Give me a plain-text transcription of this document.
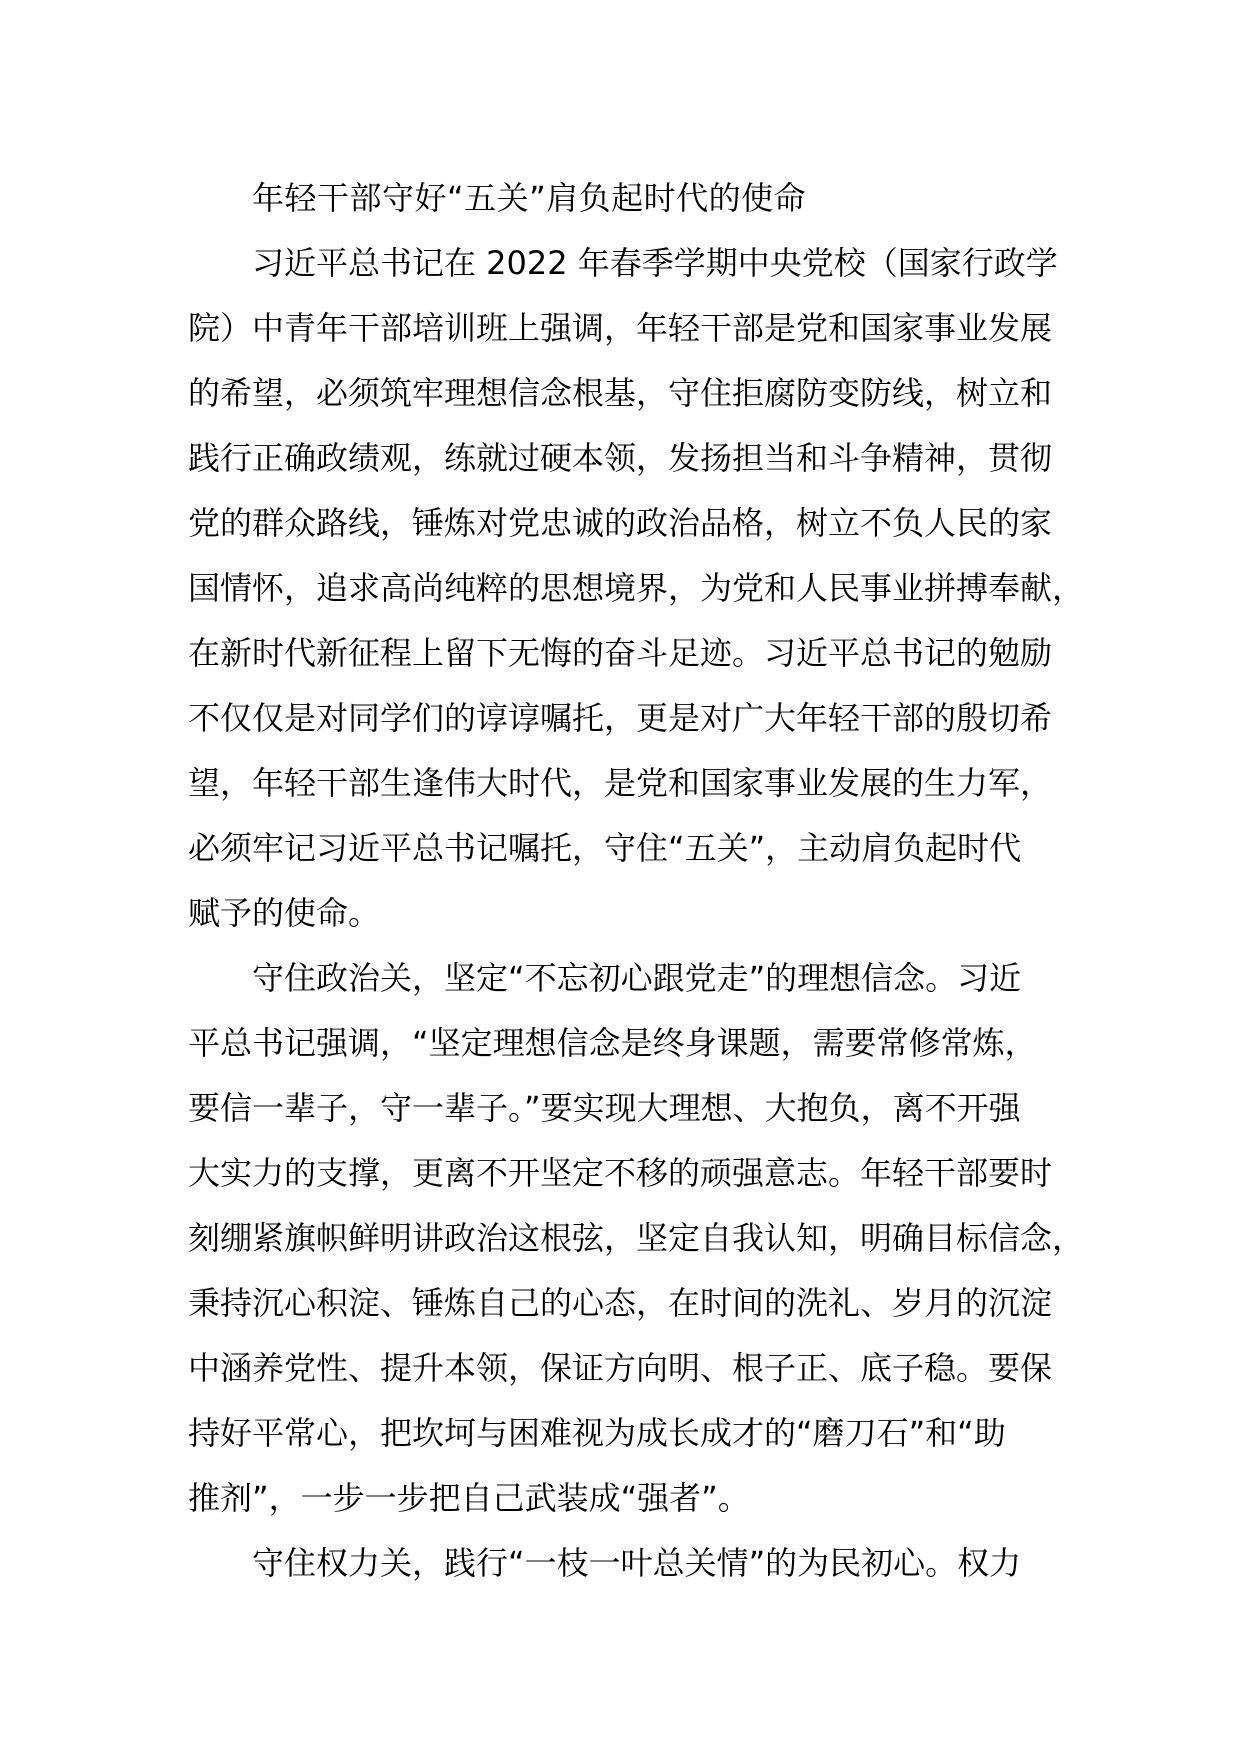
年轻干部守好“五关”肩负起时代的使命
习近平总书记在 2022 年春季学期中央党校（国家行政学
院）中青年干部培训班上强调，年轻干部是党和国家事业发展
的希望，必须筑牢理想信念根基，守住拒腐防变防线，树立和
践行正确政绩观，练就过硬本领，发扬担当和斗争精神，贯彻
党的群众路线，锤炼对党忠诚的政治品格，树立不负人民的家
国情怀，追求高尚纯粹的思想境界，为党和人民事业拼搏奉献，
在新时代新征程上留下无悔的奋斗足迹。习近平总书记的勉励
不仅仅是对同学们的谆谆嘱托，更是对广大年轻干部的殷切希
望，年轻干部生逢伟大时代，是党和国家事业发展的生力军，
必须牢记习近平总书记嘱托，守住“五关”，主动肩负起时代
赋予的使命。
守住政治关，坚定“不忘初心跟党走”的理想信念。习近
平总书记强调，“坚定理想信念是终身课题，需要常修常炼，
要信一辈子，守一辈子。”要实现大理想、大抱负，离不开强
大实力的支撑，更离不开坚定不移的顽强意志。年轻干部要时
刻绷紧旗帜鲜明讲政治这根弦，坚定自我认知，明确目标信念，
秉持沉心积淀、锤炼自己的心态，在时间的洗礼、岁月的沉淀
中涵养党性、提升本领，保证方向明、根子正、底子稳。要保
持好平常心，把坎坷与困难视为成长成才的“磨刀石”和“助
推剂”，一步一步把自己武装成“强者”。
守住权力关，践行“一枝一叶总关情”的为民初心。权力
